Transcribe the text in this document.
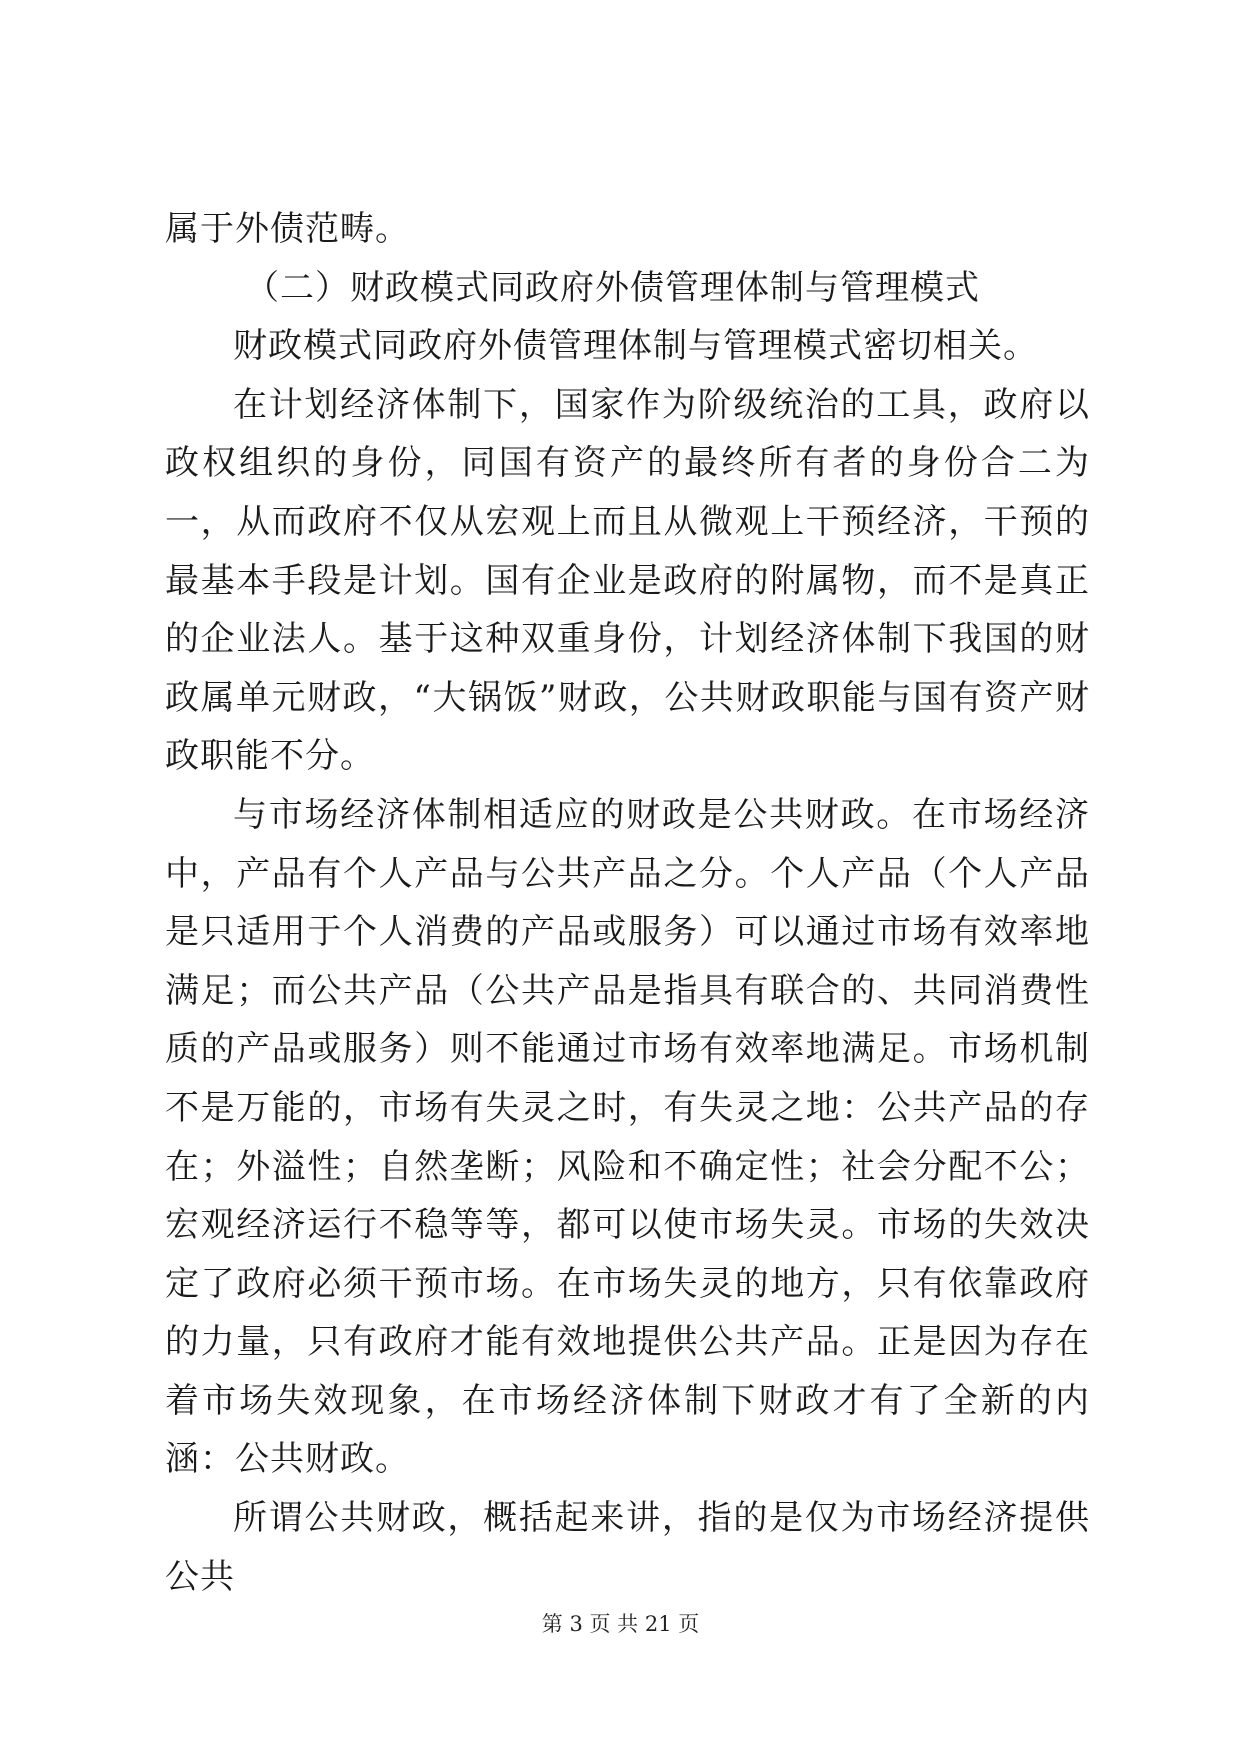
属于外债范畴。

（二）财政模式同政府外债管理体制与管理模式

财政模式同政府外债管理体制与管理模式密切相关。

在计划经济体制下，国家作为阶级统治的工具，政府以政权组织的身份，同国有资产的最终所有者的身份合二为一，从而政府不仅从宏观上而且从微观上干预经济，干预的最基本手段是计划。国有企业是政府的附属物，而不是真正的企业法人。基于这种双重身份，计划经济体制下我国的财政属单元财政，“大锅饭”财政，公共财政职能与国有资产财政职能不分。

与市场经济体制相适应的财政是公共财政。在市场经济中，产品有个人产品与公共产品之分。个人产品（个人产品是只适用于个人消费的产品或服务）可以通过市场有效率地满足；而公共产品（公共产品是指具有联合的、共同消费性质的产品或服务）则不能通过市场有效率地满足。市场机制不是万能的，市场有失灵之时，有失灵之地：公共产品的存在；外溢性；自然垄断；风险和不确定性；社会分配不公；宏观经济运行不稳等等，都可以使市场失灵。市场的失效决定了政府必须干预市场。在市场失灵的地方，只有依靠政府的力量，只有政府才能有效地提供公共产品。正是因为存在着市场失效现象，在市场经济体制下财政才有了全新的内涵：公共财政。

所谓公共财政，概括起来讲，指的是仅为市场经济提供公共

第 3 页 共 21 页
